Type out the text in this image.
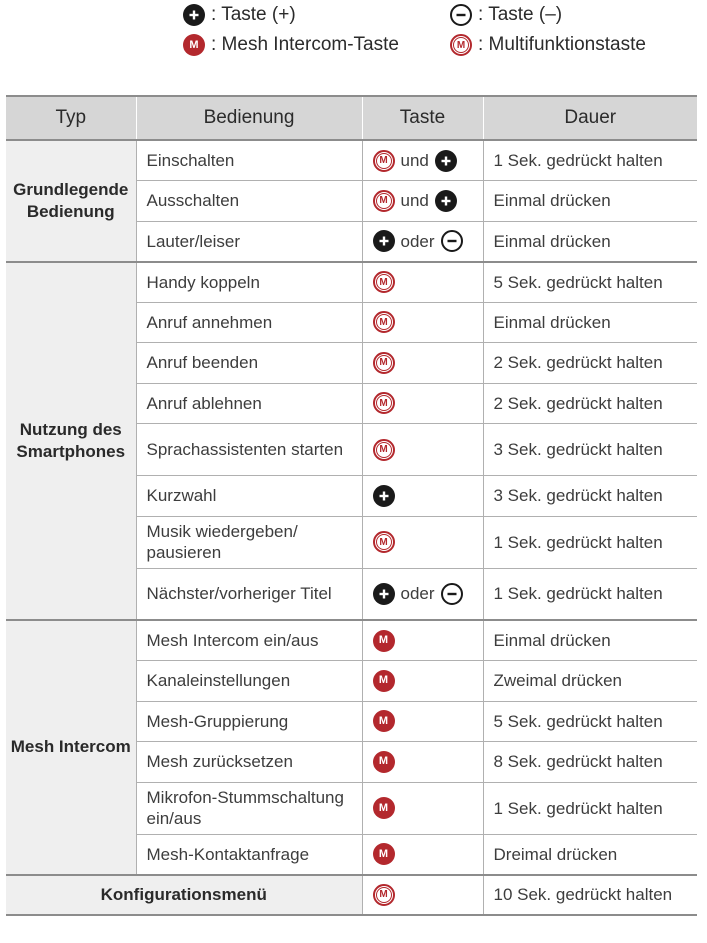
: Taste (+)	: Taste (–)
M : Mesh Intercom-Taste	M : Multifunktionstaste
Typ	Bedienung	Taste	Dauer
Grundlegende Bedienung	Einschalten	M und	1 Sek. gedrückt halten
	Ausschalten	M und	Einmal drücken
	Lauter/leiser	oder	Einmal drücken
Nutzung des Smartphones	Handy koppeln	M	5 Sek. gedrückt halten
	Anruf annehmen	M	Einmal drücken
	Anruf beenden	M	2 Sek. gedrückt halten
	Anruf ablehnen	M	2 Sek. gedrückt halten
	Sprachassistenten starten	M	3 Sek. gedrückt halten
	Kurzwahl		3 Sek. gedrückt halten
	Musik wiedergeben/ pausieren	M	1 Sek. gedrückt halten
	Nächster/vorheriger Titel	oder	1 Sek. gedrückt halten
Mesh Intercom	Mesh Intercom ein/aus	M	Einmal drücken
	Kanaleinstellungen	M	Zweimal drücken
	Mesh-Gruppierung	M	5 Sek. gedrückt halten
	Mesh zurücksetzen	M	8 Sek. gedrückt halten
	Mikrofon-Stummschaltung ein/aus	M	1 Sek. gedrückt halten
	Mesh-Kontaktanfrage	M	Dreimal drücken
Konfigurationsmenü		M	10 Sek. gedrückt halten
